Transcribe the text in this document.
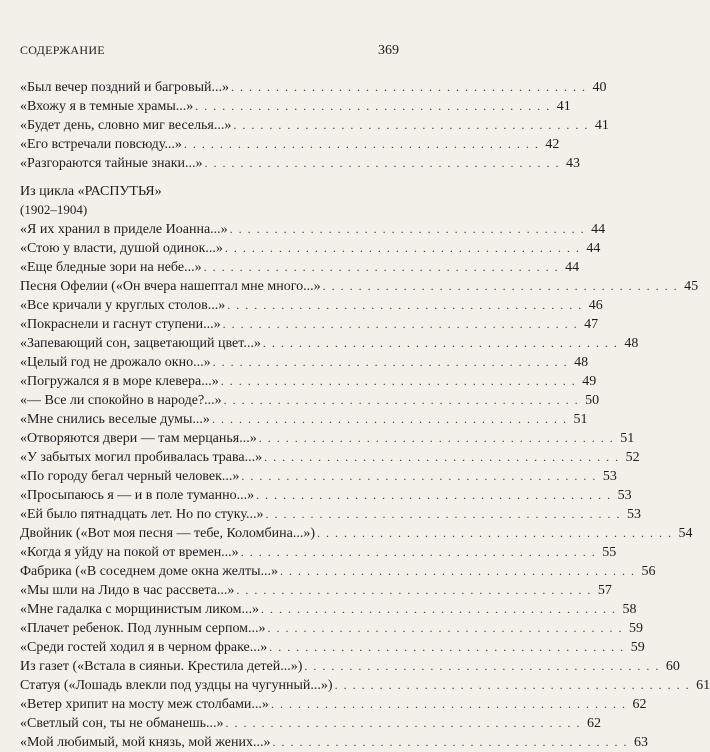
СОДЕРЖАНИЕ	369
«Был вечер поздний и багровый...» . . . . . . . . . . . . . . . . . . . . . . . . . . . . . . . . . . . . . . . . 40
«Вхожу я в темные храмы...» . . . . . . . . . . . . . . . . . . . . . . . . . . . . . . . . . . . . . . . . 41
«Будет день, словно миг веселья...» . . . . . . . . . . . . . . . . . . . . . . . . . . . . . . . . . . . . . . . . 41
«Его встречали повсюду...» . . . . . . . . . . . . . . . . . . . . . . . . . . . . . . . . . . . . . . . . 42
«Разгораются тайные знаки...» . . . . . . . . . . . . . . . . . . . . . . . . . . . . . . . . . . . . . . . . 43
Из цикла «РАСПУТЬЯ»
(1902–1904)
«Я их хранил в приделе Иоанна...» . . . . . . . . . . . . . . . . . . . . . . . . . . . . . . . . . . . . . . . . 44
«Стою у власти, душой одинок...» . . . . . . . . . . . . . . . . . . . . . . . . . . . . . . . . . . . . . . . . 44
«Еще бледные зори на небе...» . . . . . . . . . . . . . . . . . . . . . . . . . . . . . . . . . . . . . . . . 44
Песня Офелии («Он вчера нашептал мне много...» . . . . . . . . . . . . . . . . . . . . . . . . . . . . . . . . . . . . . . . . 45
«Все кричали у круглых столов...» . . . . . . . . . . . . . . . . . . . . . . . . . . . . . . . . . . . . . . . . 46
«Покраснели и гаснут ступени...» . . . . . . . . . . . . . . . . . . . . . . . . . . . . . . . . . . . . . . . . 47
«Запевающий сон, зацветающий цвет...» . . . . . . . . . . . . . . . . . . . . . . . . . . . . . . . . . . . . . . . . 48
«Целый год не дрожало окно...» . . . . . . . . . . . . . . . . . . . . . . . . . . . . . . . . . . . . . . . . 48
«Погружался я в море клевера...» . . . . . . . . . . . . . . . . . . . . . . . . . . . . . . . . . . . . . . . . 49
«— Все ли спокойно в народе?...» . . . . . . . . . . . . . . . . . . . . . . . . . . . . . . . . . . . . . . . . 50
«Мне снились веселые думы...» . . . . . . . . . . . . . . . . . . . . . . . . . . . . . . . . . . . . . . . . 51
«Отворяются двери — там мерцанья...» . . . . . . . . . . . . . . . . . . . . . . . . . . . . . . . . . . . . . . . . 51
«У забытых могил пробивалась трава...» . . . . . . . . . . . . . . . . . . . . . . . . . . . . . . . . . . . . . . . . 52
«По городу бегал черный человек...» . . . . . . . . . . . . . . . . . . . . . . . . . . . . . . . . . . . . . . . . 53
«Просыпаюсь я — и в поле туманно...» . . . . . . . . . . . . . . . . . . . . . . . . . . . . . . . . . . . . . . . . 53
«Ей было пятнадцать лет. Но по стуку...» . . . . . . . . . . . . . . . . . . . . . . . . . . . . . . . . . . . . . . . . 53
Двойник («Вот моя песня — тебе, Коломбина...») . . . . . . . . . . . . . . . . . . . . . . . . . . . . . . . . . . . . . . . . 54
«Когда я уйду на покой от времен...» . . . . . . . . . . . . . . . . . . . . . . . . . . . . . . . . . . . . . . . . 55
Фабрика («В соседнем доме окна желты...» . . . . . . . . . . . . . . . . . . . . . . . . . . . . . . . . . . . . . . . . 56
«Мы шли на Лидо в час рассвета...» . . . . . . . . . . . . . . . . . . . . . . . . . . . . . . . . . . . . . . . . 57
«Мне гадалка с морщинистым ликом...» . . . . . . . . . . . . . . . . . . . . . . . . . . . . . . . . . . . . . . . . 58
«Плачет ребенок. Под лунным серпом...» . . . . . . . . . . . . . . . . . . . . . . . . . . . . . . . . . . . . . . . . 59
«Среди гостей ходил я в черном фраке...» . . . . . . . . . . . . . . . . . . . . . . . . . . . . . . . . . . . . . . . . 59
Из газет («Встала в сияньи. Крестила детей...») . . . . . . . . . . . . . . . . . . . . . . . . . . . . . . . . . . . . . . . . 60
Статуя («Лошадь влекли под уздцы на чугунный...») . . . . . . . . . . . . . . . . . . . . . . . . . . . . . . . . . . . . . . . . 61
«Ветер хрипит на мосту меж столбами...» . . . . . . . . . . . . . . . . . . . . . . . . . . . . . . . . . . . . . . . . 62
«Светлый сон, ты не обманешь...» . . . . . . . . . . . . . . . . . . . . . . . . . . . . . . . . . . . . . . . . 62
«Мой любимый, мой князь, мой жених...» . . . . . . . . . . . . . . . . . . . . . . . . . . . . . . . . . . . . . . . . 63
